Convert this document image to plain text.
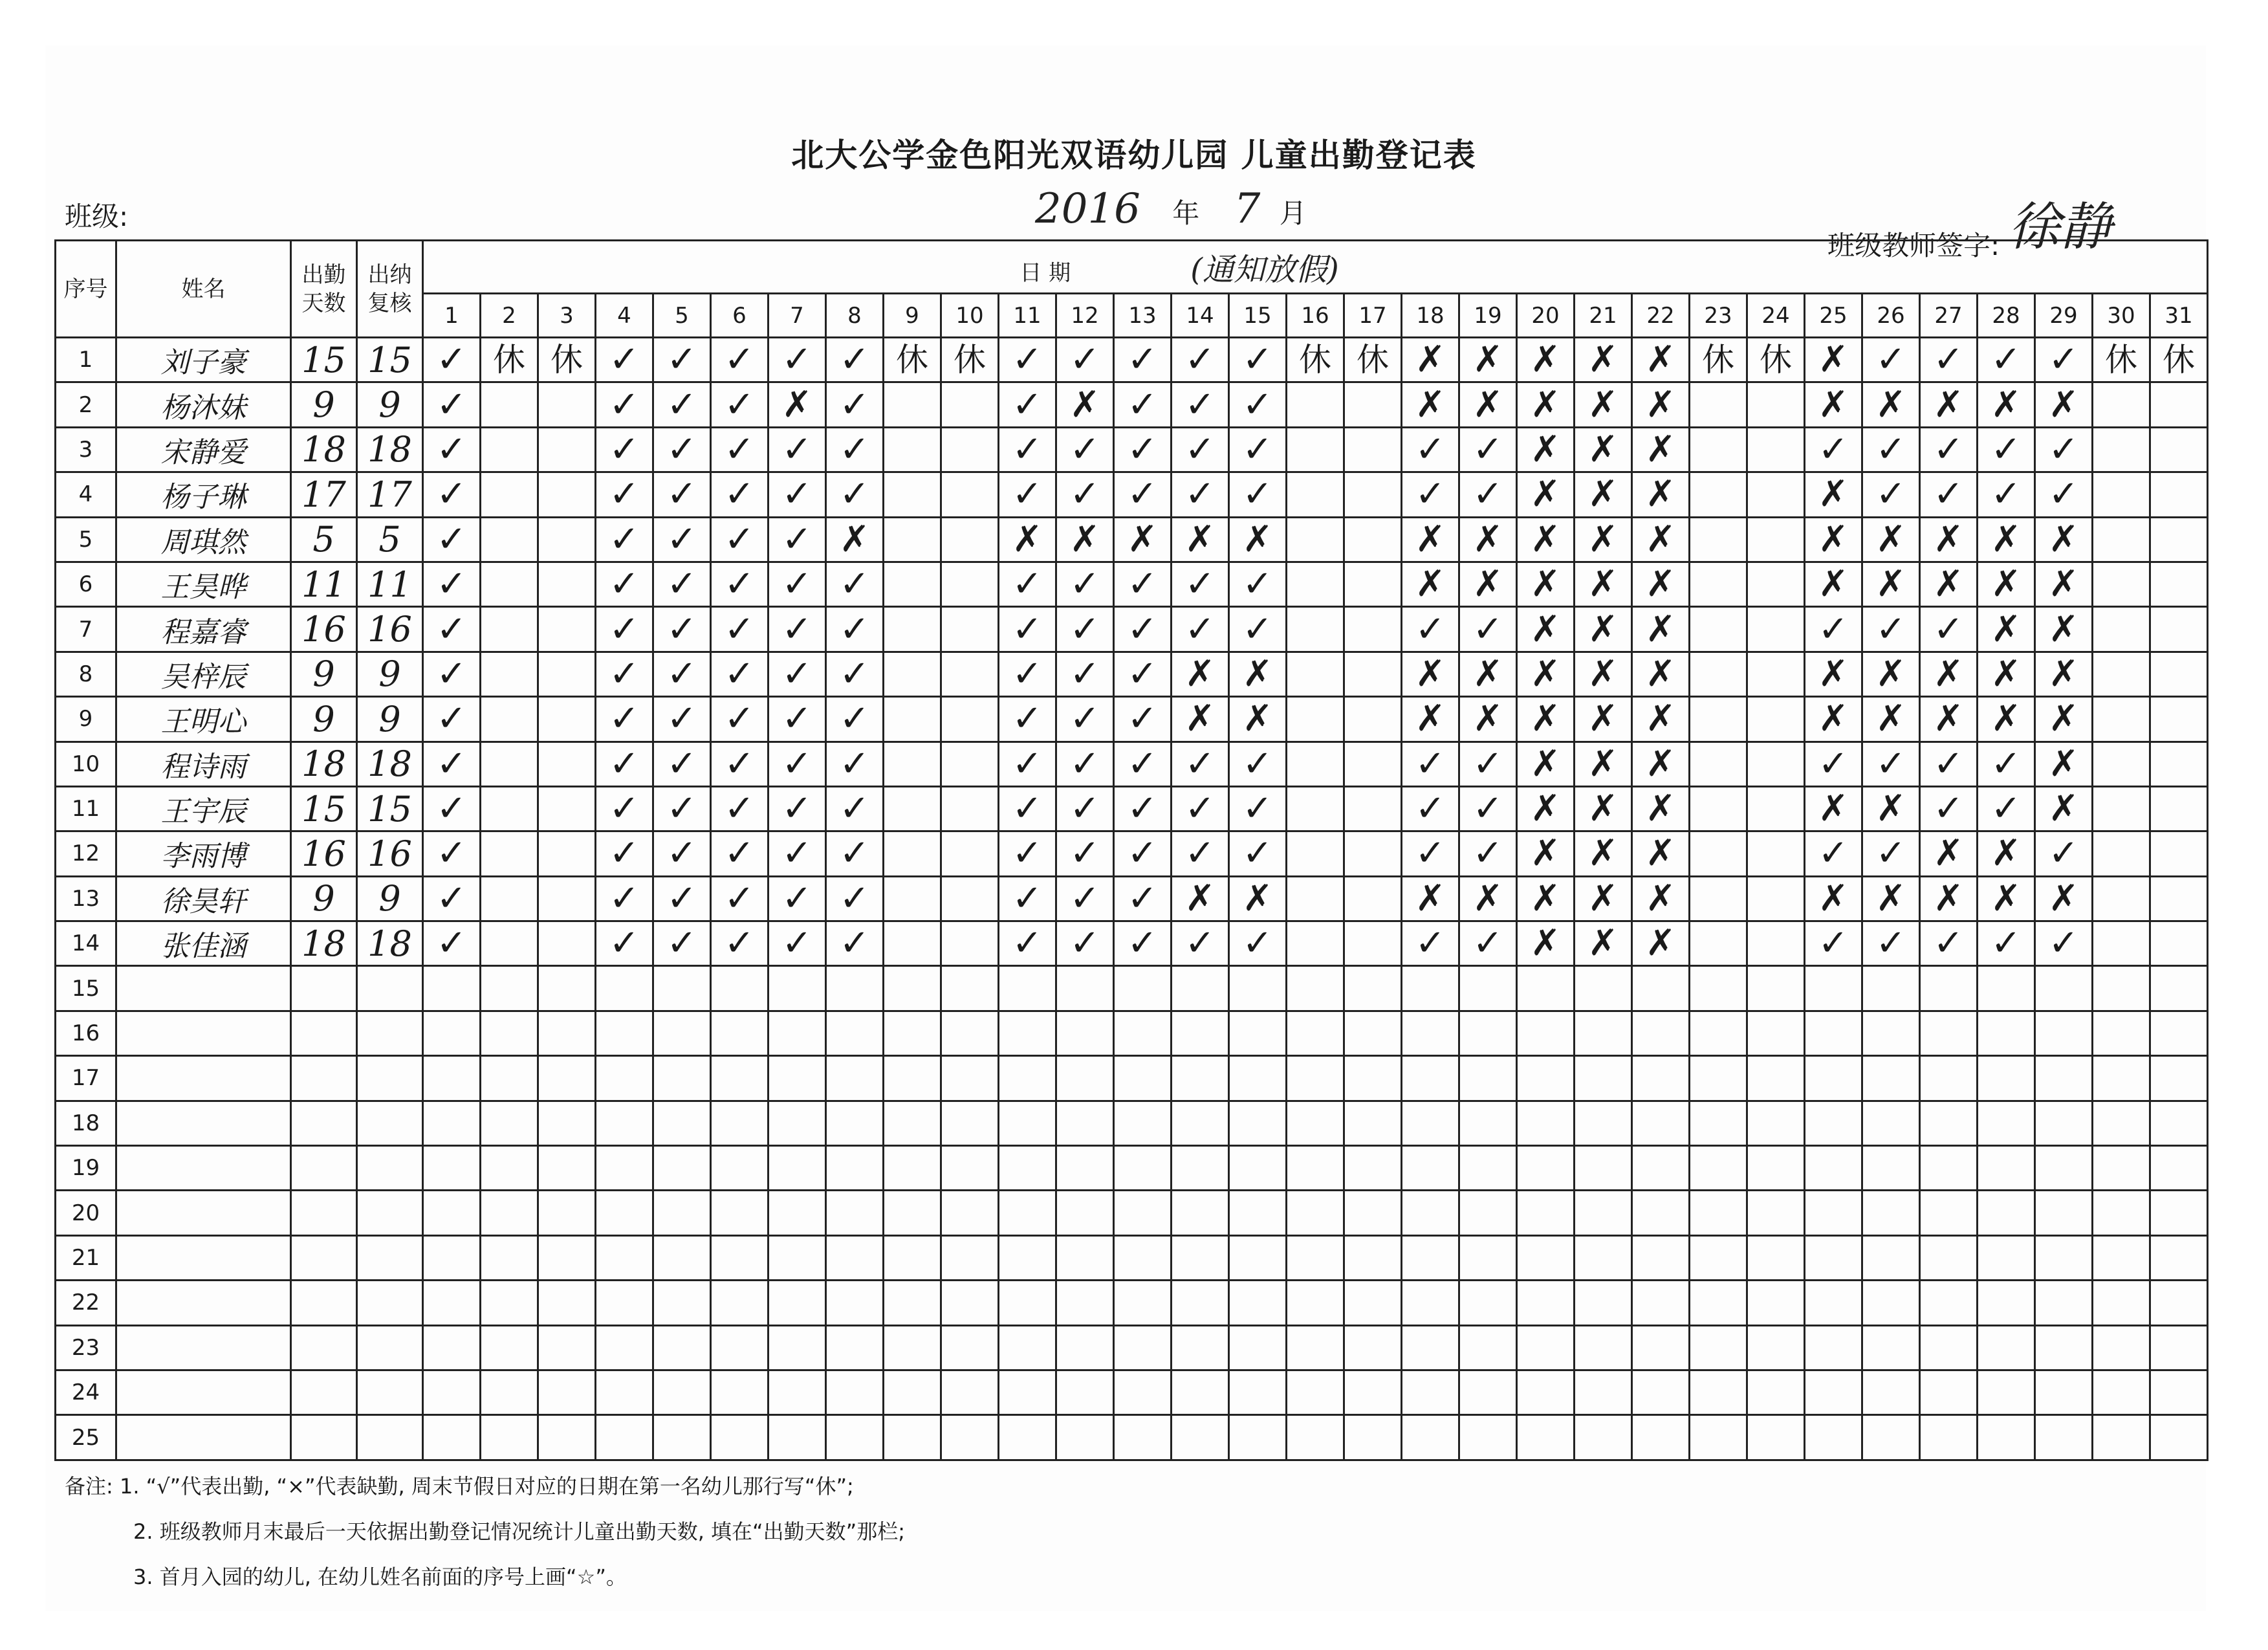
北大公学金色阳光双语幼儿园 儿童出勤登记表
班级:	2016 年 7 月
班级教师签字: 徐静
序号	姓名	出勤天数	出纳复核	日 期 (通知放假)																														
				1	2	3	4	5	6	7	8	9	10	11	12	13	14	15	16	17	18	19	20	21	22	23	24	25	26	27	28	29	30	31
1	刘子豪	15	15	✓	休	休	✓	✓	✓	✓	✓	休	休	✓	✓	✓	✓	✓	休	休	✗	✗	✗	✗	✗	休	休	✗	✓	✓	✓	✓	休	休
2	杨沐妹	9	9	✓			✓	✓	✓	✗	✓			✓	✗	✓	✓	✓			✗	✗	✗	✗	✗			✗	✗	✗	✗	✗		
3	宋静爱	18	18	✓			✓	✓	✓	✓	✓			✓	✓	✓	✓	✓			✓	✓	✗	✗	✗			✓	✓	✓	✓	✓		
4	杨子琳	17	17	✓			✓	✓	✓	✓	✓			✓	✓	✓	✓	✓			✓	✓	✗	✗	✗			✗	✓	✓	✓	✓		
5	周琪然	5	5	✓			✓	✓	✓	✓	✗			✗	✗	✗	✗	✗			✗	✗	✗	✗	✗			✗	✗	✗	✗	✗		
6	王昊晔	11	11	✓			✓	✓	✓	✓	✓			✓	✓	✓	✓	✓			✗	✗	✗	✗	✗			✗	✗	✗	✗	✗		
7	程嘉睿	16	16	✓			✓	✓	✓	✓	✓			✓	✓	✓	✓	✓			✓	✓	✗	✗	✗			✓	✓	✓	✗	✗		
8	吴梓辰	9	9	✓			✓	✓	✓	✓	✓			✓	✓	✓	✗	✗			✗	✗	✗	✗	✗			✗	✗	✗	✗	✗		
9	王明心	9	9	✓			✓	✓	✓	✓	✓			✓	✓	✓	✗	✗			✗	✗	✗	✗	✗			✗	✗	✗	✗	✗		
10	程诗雨	18	18	✓			✓	✓	✓	✓	✓			✓	✓	✓	✓	✓			✓	✓	✗	✗	✗			✓	✓	✓	✓	✗		
11	王宇辰	15	15	✓			✓	✓	✓	✓	✓			✓	✓	✓	✓	✓			✓	✓	✗	✗	✗			✗	✗	✓	✓	✗		
12	李雨博	16	16	✓			✓	✓	✓	✓	✓			✓	✓	✓	✓	✓			✓	✓	✗	✗	✗			✓	✓	✗	✗	✓		
13	徐昊轩	9	9	✓			✓	✓	✓	✓	✓			✓	✓	✓	✗	✗			✗	✗	✗	✗	✗			✗	✗	✗	✗	✗		
14	张佳涵	18	18	✓			✓	✓	✓	✓	✓			✓	✓	✓	✓	✓			✓	✓	✗	✗	✗			✓	✓	✓	✓	✓		
15																																		
16																																		
17																																		
18																																		
19																																		
20																																		
21																																		
22																																		
23																																		
24																																		
25																																		
备注: 1. “√”代表出勤, “×”代表缺勤, 周末节假日对应的日期在第一名幼儿那行写“休”;
2. 班级教师月末最后一天依据出勤登记情况统计儿童出勤天数, 填在“出勤天数”那栏;
3. 首月入园的幼儿, 在幼儿姓名前面的序号上画“☆”。
